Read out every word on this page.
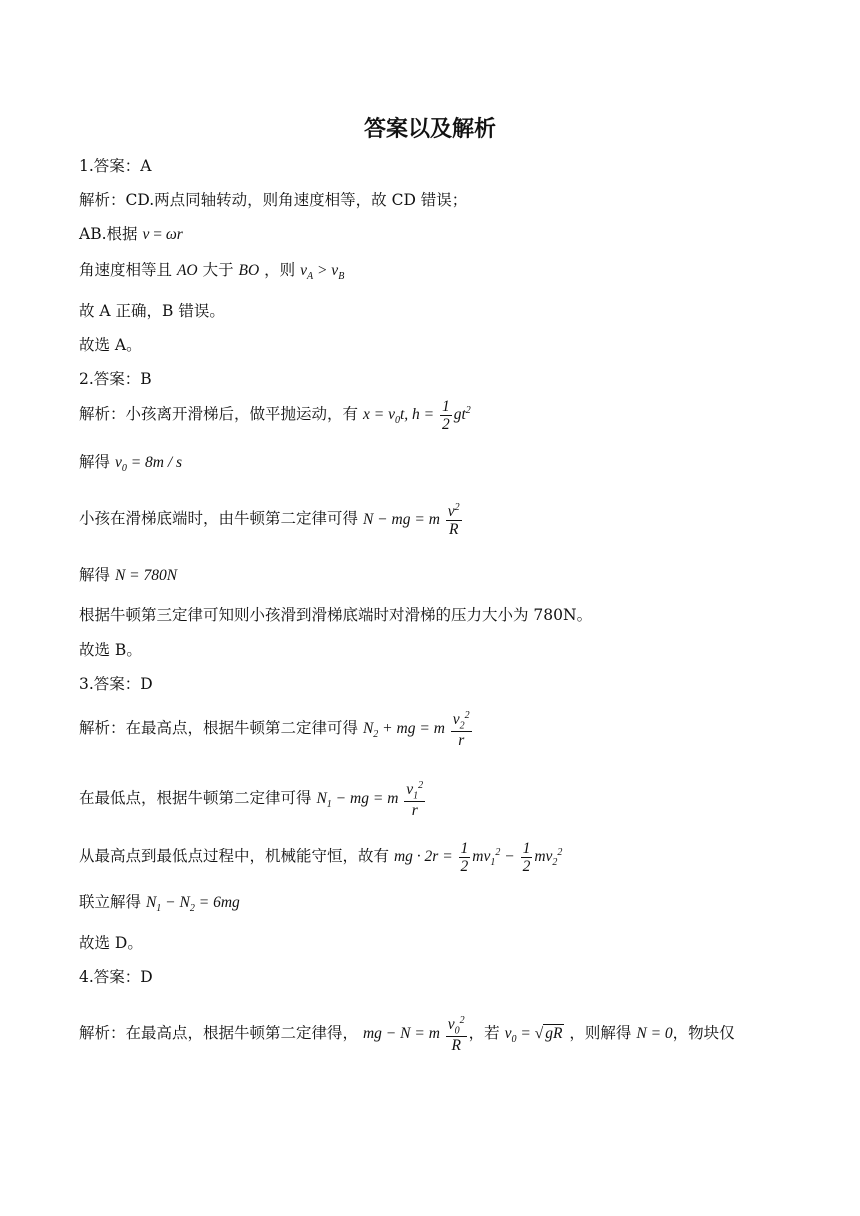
答案以及解析
1.答案：A
解析：CD.两点同轴转动，则角速度相等，故 CD 错误；
AB.根据 v = ωr
角速度相等且 AO 大于 BO ，则 $v_A > v_B$
故 A 正确，B 错误。
故选 A。
2.答案：B
解析：小孩离开滑梯后，做平抛运动，有 $x = v_0t$, $h = \frac{1}{2} gt^2$
解得 $v_0 = 8m / s$
小孩在滑梯底端时，由牛顿第二定律可得 N − mg = m $\frac{v^2}{R}$
解得 N = 780N
根据牛顿第三定律可知则小孩滑到滑梯底端时对滑梯的压力大小为 780N。
故选 B。
3.答案：D
解析：在最高点，根据牛顿第二定律可得 $N_2$ + mg = m $\frac{v_2^2}{r}$
在最低点，根据牛顿第二定律可得 $N_1$ − mg = m $\frac{v_1^2}{r}$
从最高点到最低点过程中，机械能守恒，故有 mg · $2r = \frac{1}{2} mv_1^2 - \frac{1}{2} mv_2^2$
联立解得 $N_1 - N_2 = 6mg$
故选 D。
4.答案：D
解析：在最高点，根据牛顿第二定律得， mg − N = m $\frac{v_0^2}{R}$ ，若 $v_0$ = √ gR ，则解得 N = 0，物块仅
